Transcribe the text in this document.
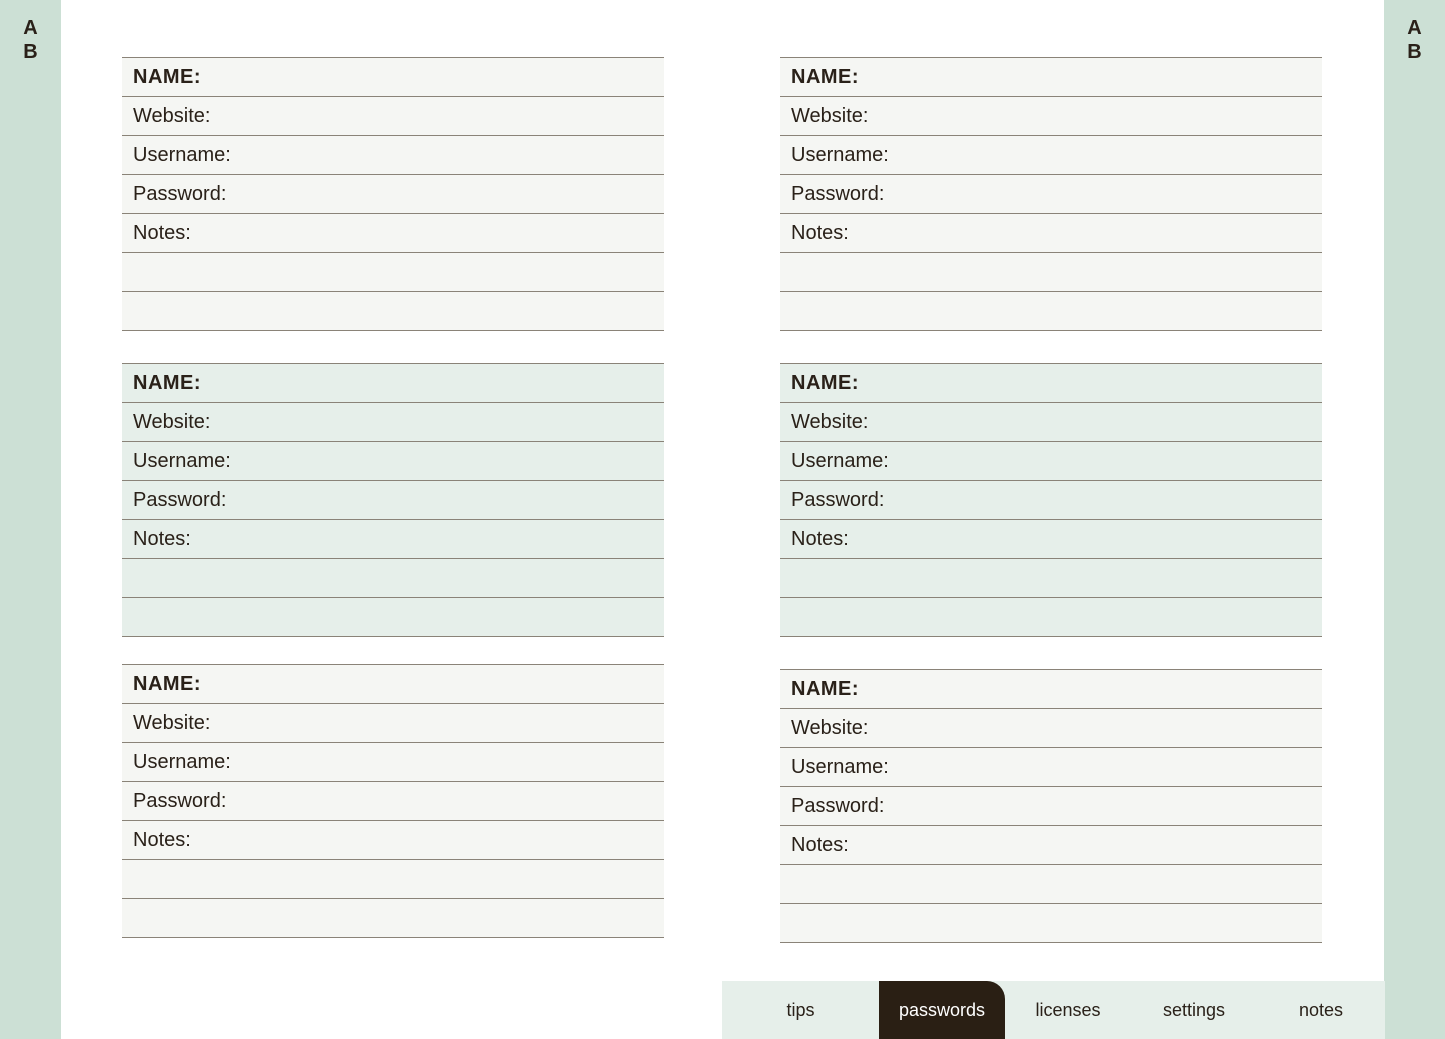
A
B
A
B
NAME:
Website:
Username:
Password:
Notes:
NAME:
Website:
Username:
Password:
Notes:
NAME:
Website:
Username:
Password:
Notes:
NAME:
Website:
Username:
Password:
Notes:
NAME:
Website:
Username:
Password:
Notes:
NAME:
Website:
Username:
Password:
Notes:
tips	passwords	licenses	settings	notes
